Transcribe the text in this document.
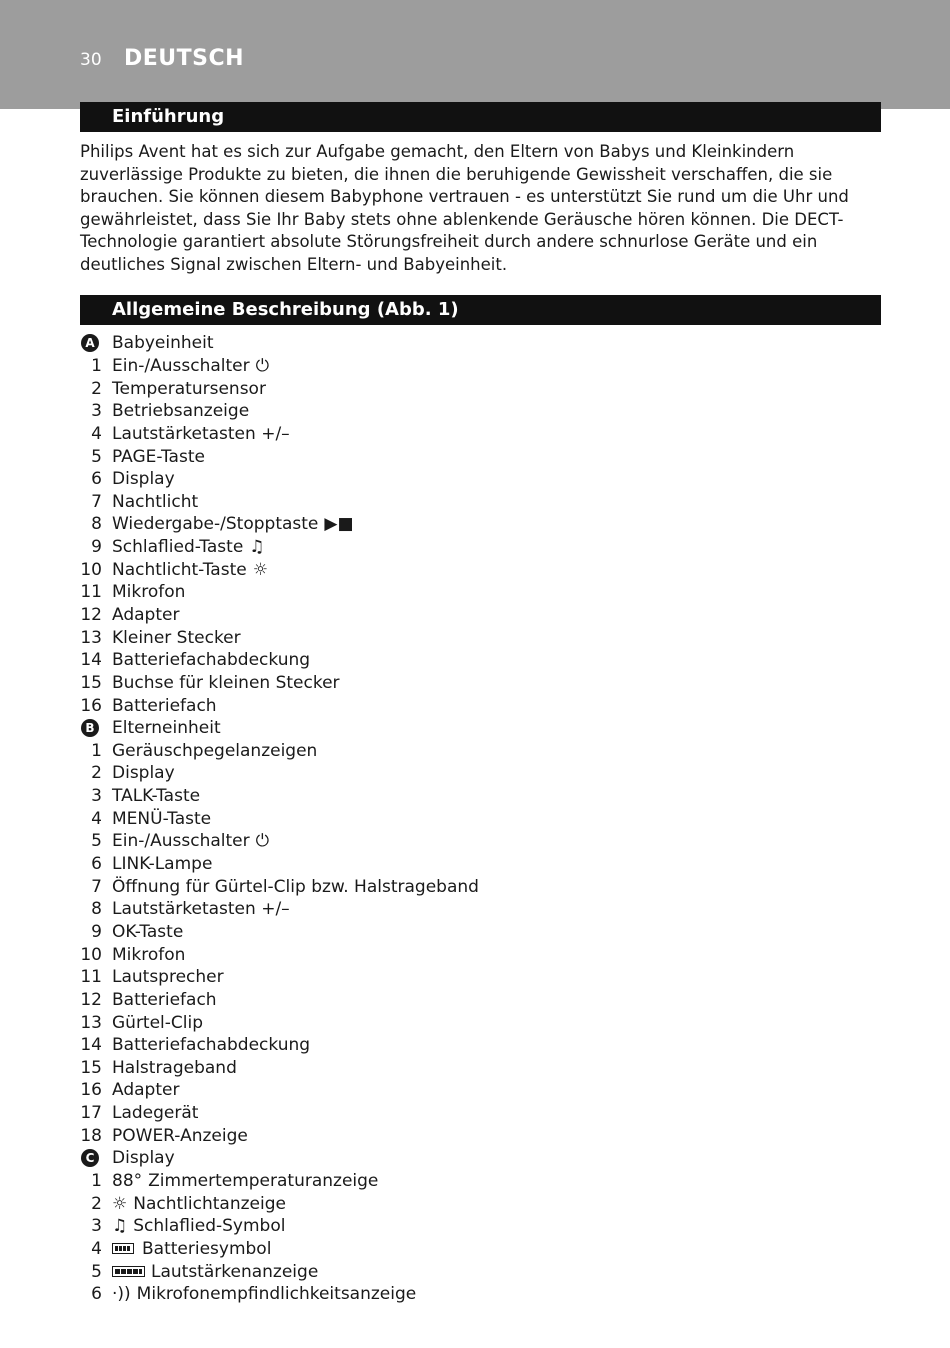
30 DEUTSCH
Einführung

Philips Avent hat es sich zur Aufgabe gemacht, den Eltern von Babys und Kleinkindern zuverlässige Produkte zu bieten, die ihnen die beruhigende Gewissheit verschaffen, die sie brauchen. Sie können diesem Babyphone vertrauen - es unterstützt Sie rund um die Uhr und gewährleistet, dass Sie Ihr Baby stets ohne ablenkende Geräusche hören können. Die DECT-Technologie garantiert absolute Störungsfreiheit durch andere schnurlose Geräte und ein deutliches Signal zwischen Eltern- und Babyeinheit.

Allgemeine Beschreibung (Abb. 1)
A Babyeinheit
1 Ein-/Ausschalter ⏻
2 Temperatursensor
3 Betriebsanzeige
4 Lautstärketasten +/–
5 PAGE-Taste
6 Display
7 Nachtlicht
8 Wiedergabe-/Stopptaste ▶■
9 Schlaflied-Taste ♫
10 Nachtlicht-Taste ☼
11 Mikrofon
12 Adapter
13 Kleiner Stecker
14 Batteriefachabdeckung
15 Buchse für kleinen Stecker
16 Batteriefach
B Elterneinheit
1 Geräuschpegelanzeigen
2 Display
3 TALK-Taste
4 MENÜ-Taste
5 Ein-/Ausschalter ⏻
6 LINK-Lampe
7 Öffnung für Gürtel-Clip bzw. Halstrageband
8 Lautstärketasten +/–
9 OK-Taste
10 Mikrofon
11 Lautsprecher
12 Batteriefach
13 Gürtel-Clip
14 Batteriefachabdeckung
15 Halstrageband
16 Adapter
17 Ladegerät
18 POWER-Anzeige
C Display
1 88° Zimmertemperaturanzeige
2 ☼ Nachtlichtanzeige
3 ♫ Schlaflied-Symbol
4	Batteriesymbol
5	Lautstärkenanzeige
6 ·)) Mikrofonempfindlichkeitsanzeige
